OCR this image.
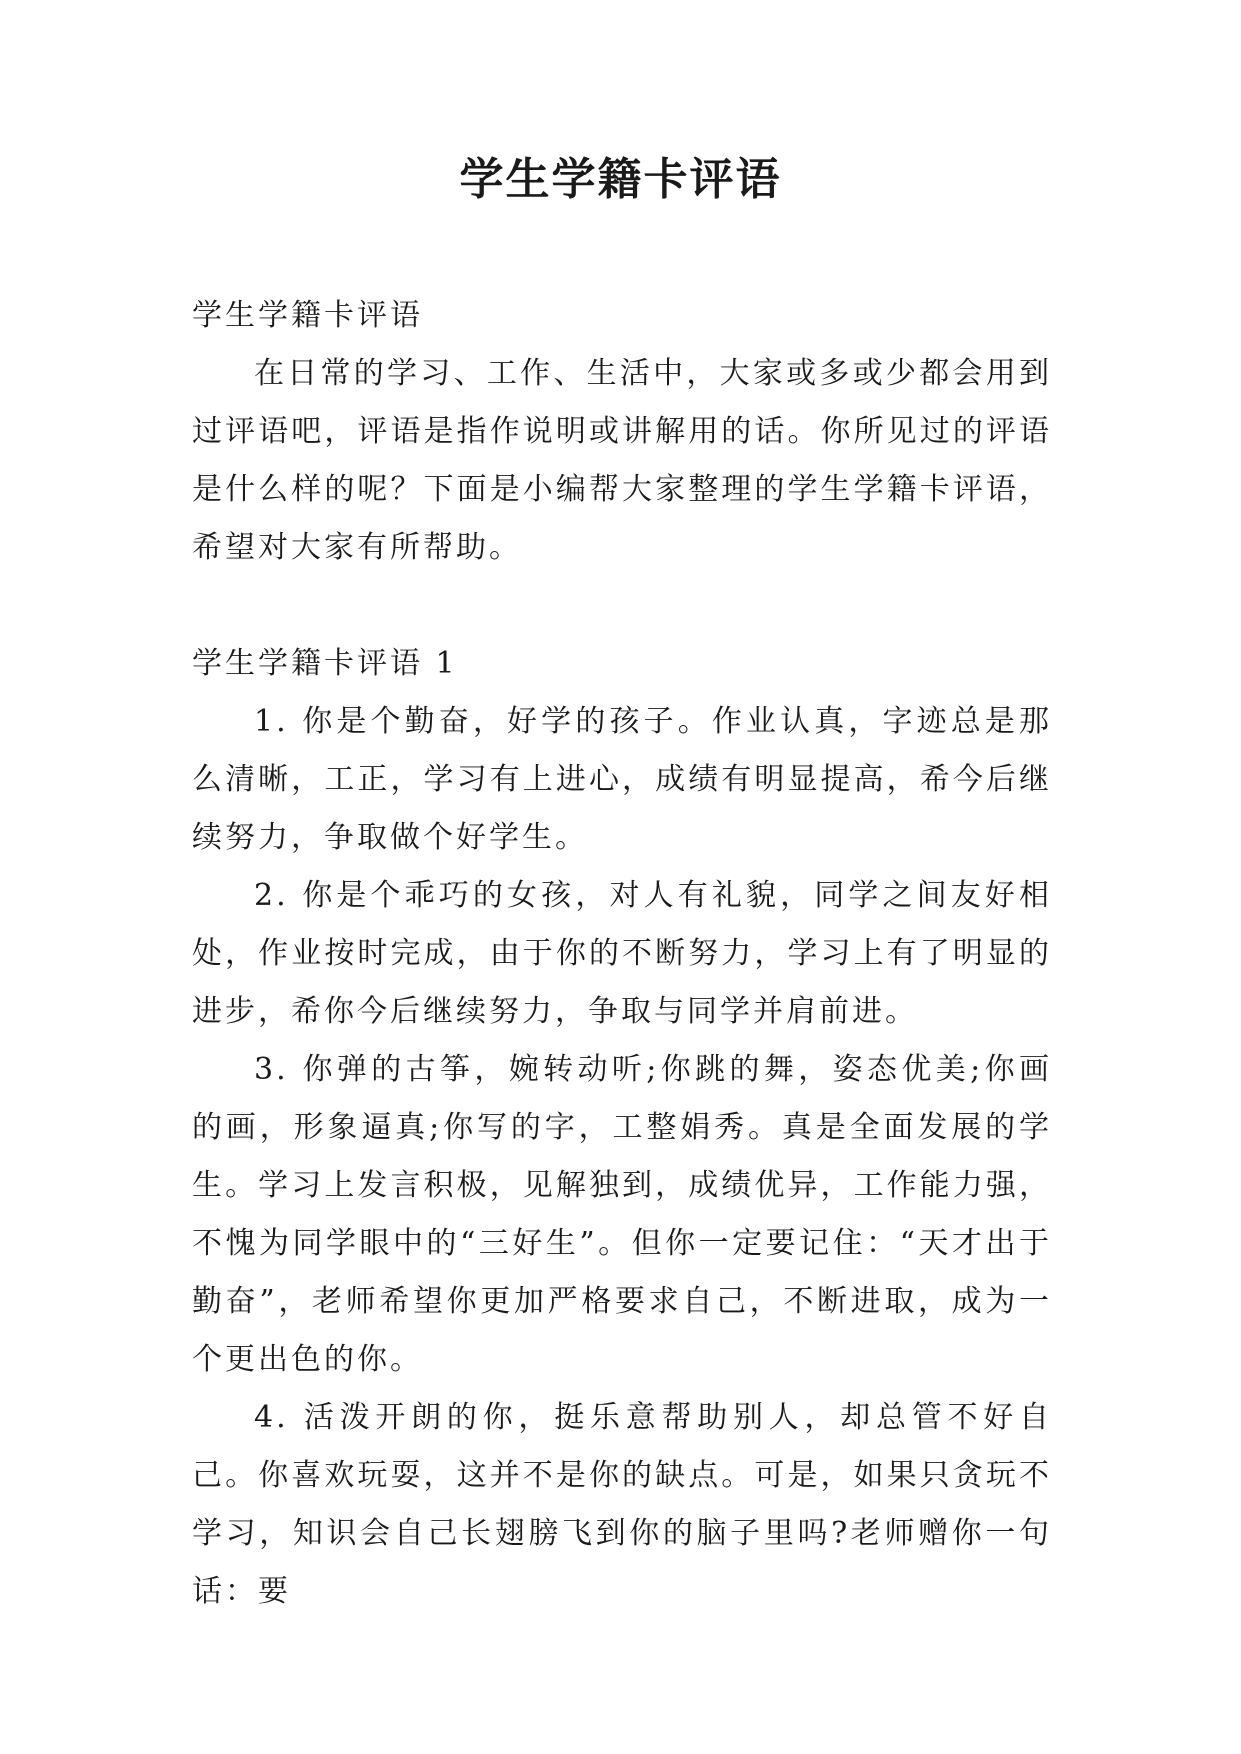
学生学籍卡评语

学生学籍卡评语

在日常的学习、工作、生活中，大家或多或少都会用到过评语吧，评语是指作说明或讲解用的话。你所见过的评语是什么样的呢？下面是小编帮大家整理的学生学籍卡评语，希望对大家有所帮助。

学生学籍卡评语 1

1. 你是个勤奋，好学的孩子。作业认真，字迹总是那么清晰，工正，学习有上进心，成绩有明显提高，希今后继续努力，争取做个好学生。

2. 你是个乖巧的女孩，对人有礼貌，同学之间友好相处，作业按时完成，由于你的不断努力，学习上有了明显的进步，希你今后继续努力，争取与同学并肩前进。

3. 你弹的古筝，婉转动听;你跳的舞，姿态优美;你画的画，形象逼真;你写的字，工整娟秀。真是全面发展的学生。学习上发言积极，见解独到，成绩优异，工作能力强，不愧为同学眼中的“三好生”。但你一定要记住：“天才出于勤奋”，老师希望你更加严格要求自己，不断进取，成为一个更出色的你。

4. 活泼开朗的你，挺乐意帮助别人，却总管不好自己。你喜欢玩耍，这并不是你的缺点。可是，如果只贪玩不学习，知识会自己长翅膀飞到你的脑子里吗?老师赠你一句话：要
